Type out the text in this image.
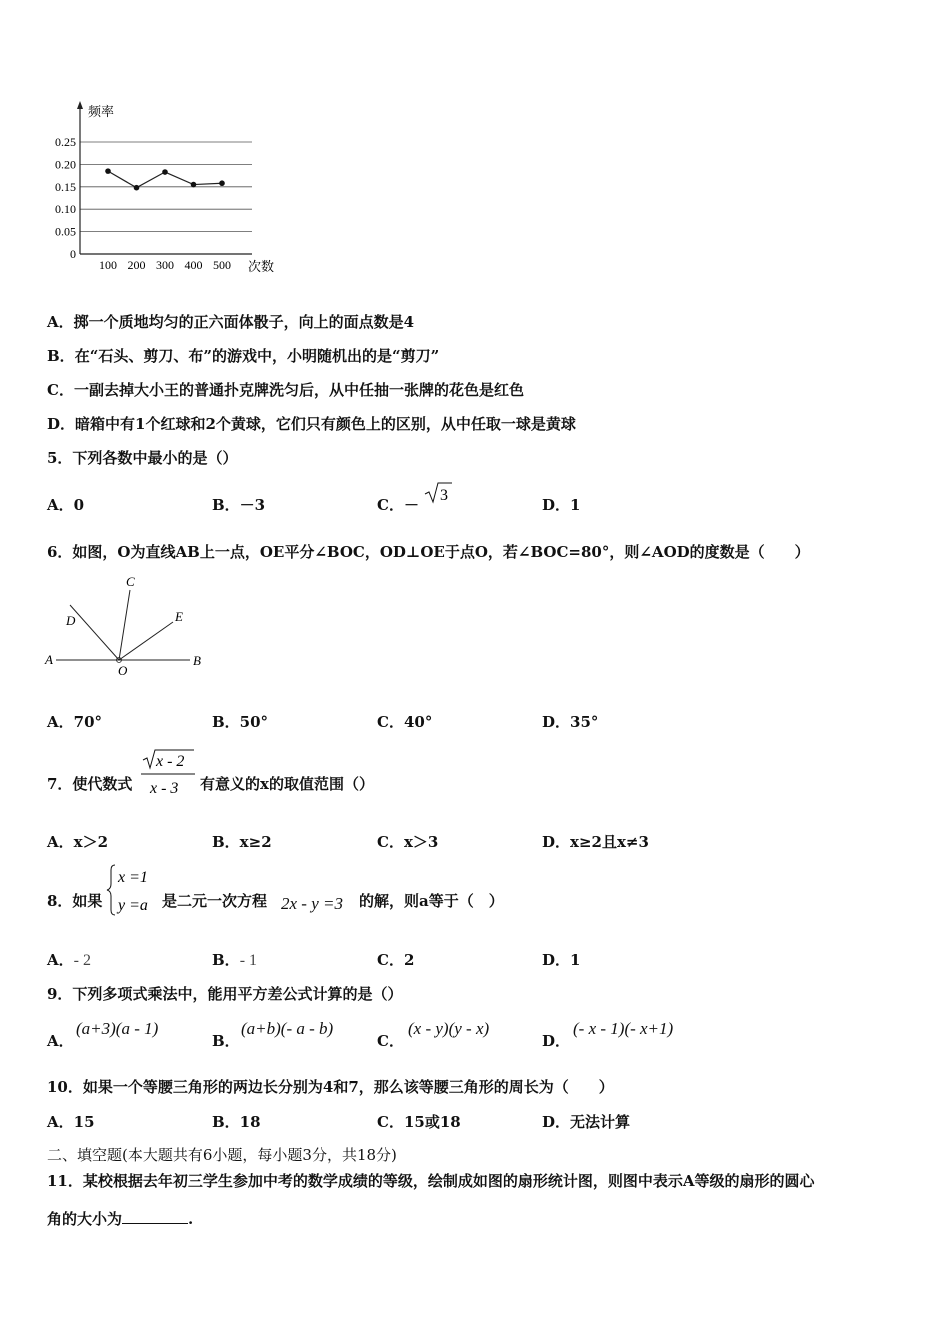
频率
次数
0.25
0.20
0.15
0.10
0.05
0
100 200 300 400 500
A．掷一个质地均匀的正六面体骰子，向上的面点数是4
B．在“石头、剪刀、布”的游戏中，小明随机出的是“剪刀”
C．一副去掉大小王的普通扑克牌洗匀后，从中任抽一张牌的花色是红色
D．暗箱中有1个红球和2个黄球，它们只有颜色上的区别，从中任取一球是黄球
5．下列各数中最小的是（）
A．0	B．－3	C．－
3
D．1
6．如图，O为直线AB上一点，OE平分∠BOC，OD⊥OE于点O，若∠BOC=80°，则∠AOD的度数是（　　）
A	B
C
D	E
O
A．70°	B．50°	C．40°	D．35°
7．使代数式
x - 2
x - 3 有意义的x的取值范围（）
A．x＞2	B．x≥2	C．x＞3	D．x≥2且x≠3
8．如果
x =1
y =a 是二元一次方程 2x - y =3 的解，则a等于（　）
A．- 2	B．- 1	C．2	D．1
9．下列多项式乘法中，能用平方差公式计算的是（）
A．
(a+3)(a - 1)
B．
(a+b)(- a - b)
C．
(x - y)(y - x)
D．
(- x - 1)(- x+1)
10．如果一个等腰三角形的两边长分别为4和7，那么该等腰三角形的周长为（　　）
A．15	B．18	C．15或18	D．无法计算
二、填空题(本大题共有6小题，每小题3分，共18分)
11．某校根据去年初三学生参加中考的数学成绩的等级，绘制成如图的扇形统计图，则图中表示A等级的扇形的圆心
角的大小为	.
